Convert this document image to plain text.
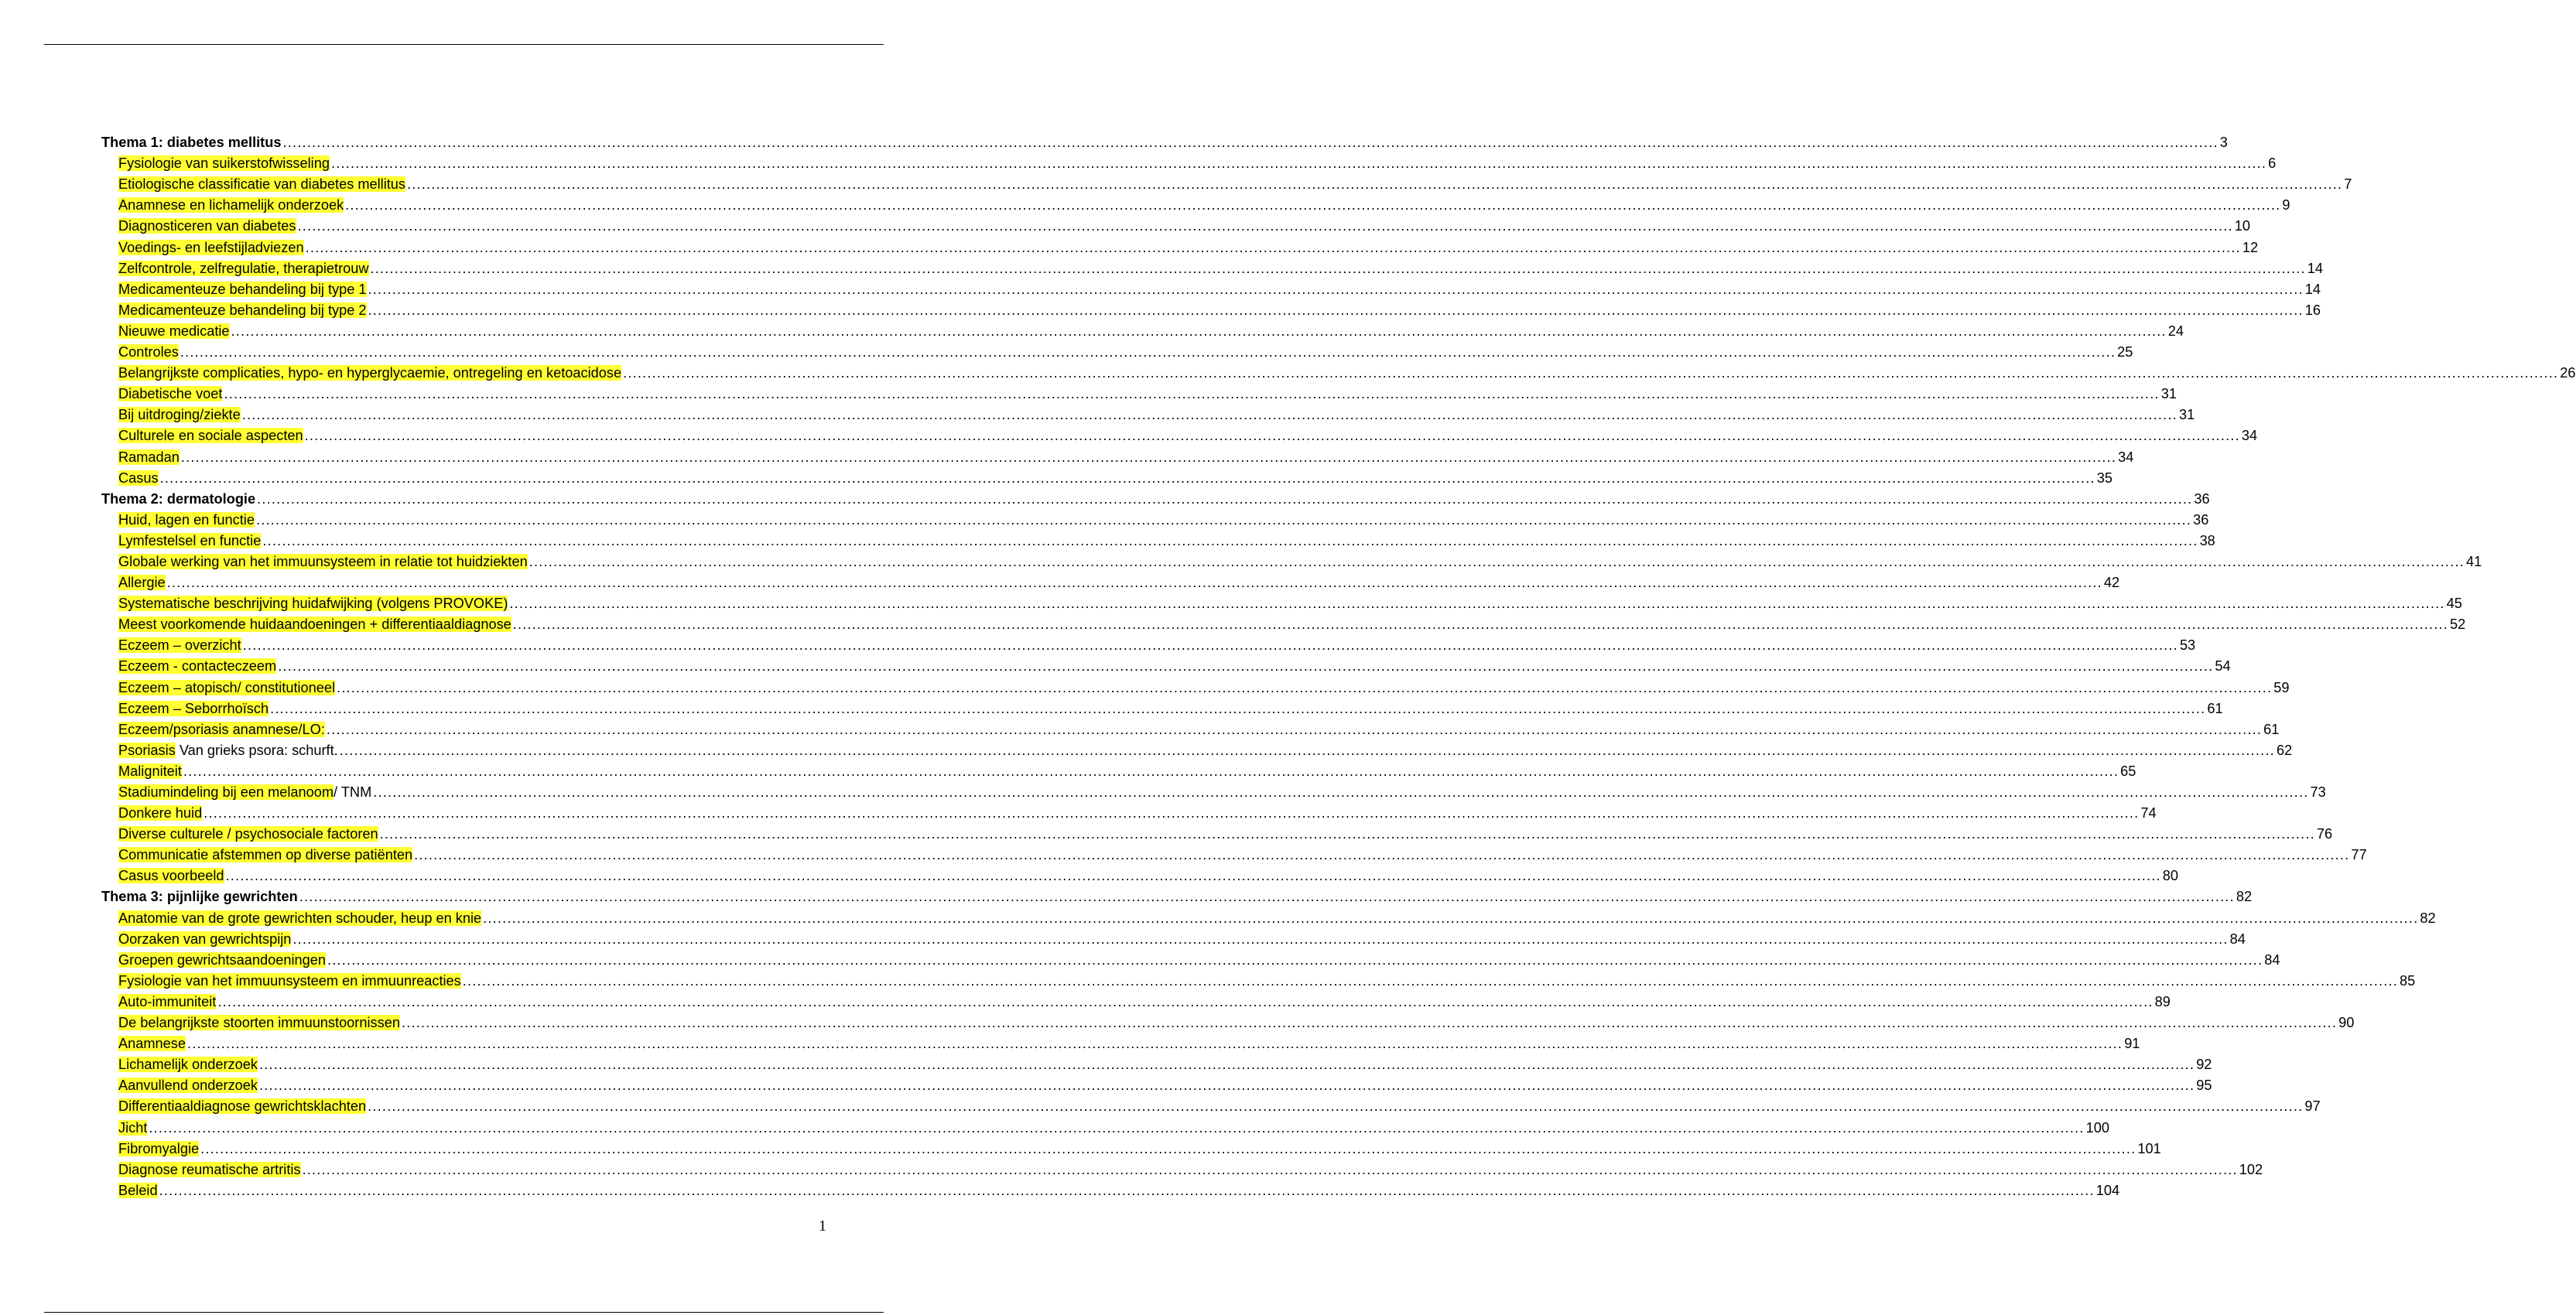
Thema 1: diabetes mellitus ................................................................................................................................................................................................................................................................................................................................................................................................................ 3
Fysiologie van suikerstofwisseling ................................................................................................................................................................................................................................................................................................................................................................................................................ 6
Etiologische classificatie van diabetes mellitus ................................................................................................................................................................................................................................................................................................................................................................................................................ 7
Anamnese en lichamelijk onderzoek ................................................................................................................................................................................................................................................................................................................................................................................................................ 9
Diagnosticeren van diabetes ................................................................................................................................................................................................................................................................................................................................................................................................................ 10
Voedings- en leefstijladviezen ................................................................................................................................................................................................................................................................................................................................................................................................................ 12
Zelfcontrole, zelfregulatie, therapietrouw ................................................................................................................................................................................................................................................................................................................................................................................................................ 14
Medicamenteuze behandeling bij type 1 ................................................................................................................................................................................................................................................................................................................................................................................................................ 14
Medicamenteuze behandeling bij type 2 ................................................................................................................................................................................................................................................................................................................................................................................................................ 16
Nieuwe medicatie ................................................................................................................................................................................................................................................................................................................................................................................................................ 24
Controles ................................................................................................................................................................................................................................................................................................................................................................................................................ 25
Belangrijkste complicaties, hypo- en hyperglycaemie, ontregeling en ketoacidose ................................................................................................................................................................................................................................................................................................................................................................................................................ 26
Diabetische voet ................................................................................................................................................................................................................................................................................................................................................................................................................ 31
Bij uitdroging/ziekte ................................................................................................................................................................................................................................................................................................................................................................................................................ 31
Culturele en sociale aspecten ................................................................................................................................................................................................................................................................................................................................................................................................................ 34
Ramadan ................................................................................................................................................................................................................................................................................................................................................................................................................ 34
Casus ................................................................................................................................................................................................................................................................................................................................................................................................................ 35
Thema 2: dermatologie ................................................................................................................................................................................................................................................................................................................................................................................................................ 36
Huid, lagen en functie ................................................................................................................................................................................................................................................................................................................................................................................................................ 36
Lymfestelsel en functie ................................................................................................................................................................................................................................................................................................................................................................................................................ 38
Globale werking van het immuunsysteem in relatie tot huidziekten ................................................................................................................................................................................................................................................................................................................................................................................................................ 41
Allergie ................................................................................................................................................................................................................................................................................................................................................................................................................ 42
Systematische beschrijving huidafwijking (volgens PROVOKE) ................................................................................................................................................................................................................................................................................................................................................................................................................ 45
Meest voorkomende huidaandoeningen + differentiaaldiagnose ................................................................................................................................................................................................................................................................................................................................................................................................................ 52
Eczeem – overzicht ................................................................................................................................................................................................................................................................................................................................................................................................................ 53
Eczeem - contacteczeem ................................................................................................................................................................................................................................................................................................................................................................................................................ 54
Eczeem – atopisch/ constitutioneel ................................................................................................................................................................................................................................................................................................................................................................................................................ 59
Eczeem – Seborrhoïsch ................................................................................................................................................................................................................................................................................................................................................................................................................ 61
Eczeem/psoriasis anamnese/LO: ................................................................................................................................................................................................................................................................................................................................................................................................................ 61
Psoriasis Van grieks psora: schurft. ................................................................................................................................................................................................................................................................................................................................................................................................................ 62
Maligniteit ................................................................................................................................................................................................................................................................................................................................................................................................................ 65
Stadiumindeling bij een melanoom/ TNM ................................................................................................................................................................................................................................................................................................................................................................................................................ 73
Donkere huid ................................................................................................................................................................................................................................................................................................................................................................................................................ 74
Diverse culturele / psychosociale factoren ................................................................................................................................................................................................................................................................................................................................................................................................................ 76
Communicatie afstemmen op diverse patiënten ................................................................................................................................................................................................................................................................................................................................................................................................................ 77
Casus voorbeeld ................................................................................................................................................................................................................................................................................................................................................................................................................ 80
Thema 3: pijnlijke gewrichten ................................................................................................................................................................................................................................................................................................................................................................................................................ 82
Anatomie van de grote gewrichten schouder, heup en knie ................................................................................................................................................................................................................................................................................................................................................................................................................ 82
Oorzaken van gewrichtspijn ................................................................................................................................................................................................................................................................................................................................................................................................................ 84
Groepen gewrichtsaandoeningen ................................................................................................................................................................................................................................................................................................................................................................................................................ 84
Fysiologie van het immuunsysteem en immuunreacties ................................................................................................................................................................................................................................................................................................................................................................................................................ 85
Auto-immuniteit ................................................................................................................................................................................................................................................................................................................................................................................................................ 89
De belangrijkste stoorten immuunstoornissen ................................................................................................................................................................................................................................................................................................................................................................................................................ 90
Anamnese ................................................................................................................................................................................................................................................................................................................................................................................................................ 91
Lichamelijk onderzoek ................................................................................................................................................................................................................................................................................................................................................................................................................ 92
Aanvullend onderzoek ................................................................................................................................................................................................................................................................................................................................................................................................................ 95
Differentiaaldiagnose gewrichtsklachten ................................................................................................................................................................................................................................................................................................................................................................................................................ 97
Jicht ................................................................................................................................................................................................................................................................................................................................................................................................................ 100
Fibromyalgie ................................................................................................................................................................................................................................................................................................................................................................................................................ 101
Diagnose reumatische artritis ................................................................................................................................................................................................................................................................................................................................................................................................................ 102
Beleid ................................................................................................................................................................................................................................................................................................................................................................................................................ 104
1
